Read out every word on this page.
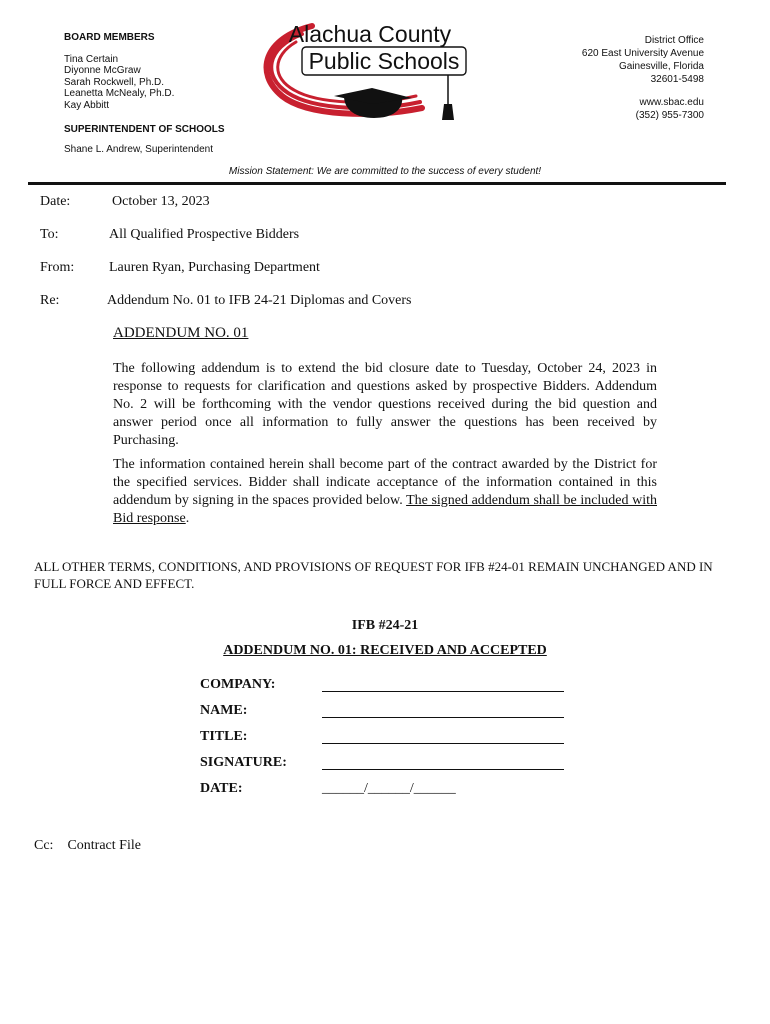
BOARD MEMBERS
Tina Certain
Diyonne McGraw
Sarah Rockwell, Ph.D.
Leanetta McNealy, Ph.D.
Kay Abbitt
SUPERINTENDENT OF SCHOOLS
Shane L. Andrew, Superintendent
Alachua County
Public Schools
District Office
620 East University Avenue
Gainesville, Florida
32601-5498
www.sbac.edu
(352) 955-7300
Mission Statement: We are committed to the success of every student!
Date:	October 13, 2023
To:	All Qualified Prospective Bidders
From: Lauren Ryan, Purchasing Department
Re:	Addendum No. 01 to IFB 24-21 Diplomas and Covers
ADDENDUM NO. 01

The following addendum is to extend the bid closure date to Tuesday, October 24, 2023 in response to requests for clarification and questions asked by prospective Bidders. Addendum No. 2 will be forthcoming with the vendor questions received during the bid question and answer period once all information to fully answer the questions has been received by Purchasing.

The information contained herein shall become part of the contract awarded by the District for the specified services. Bidder shall indicate acceptance of the information contained in this addendum by signing in the spaces provided below. The signed addendum shall be included with Bid response.

ALL OTHER TERMS, CONDITIONS, AND PROVISIONS OF REQUEST FOR IFB #24-01 REMAIN UNCHANGED AND IN FULL FORCE AND EFFECT.

IFB #24-21
ADDENDUM NO. 01: RECEIVED AND ACCEPTED
COMPANY:
NAME:
TITLE:
SIGNATURE:
DATE:	______/______/______
Cc: Contract File
